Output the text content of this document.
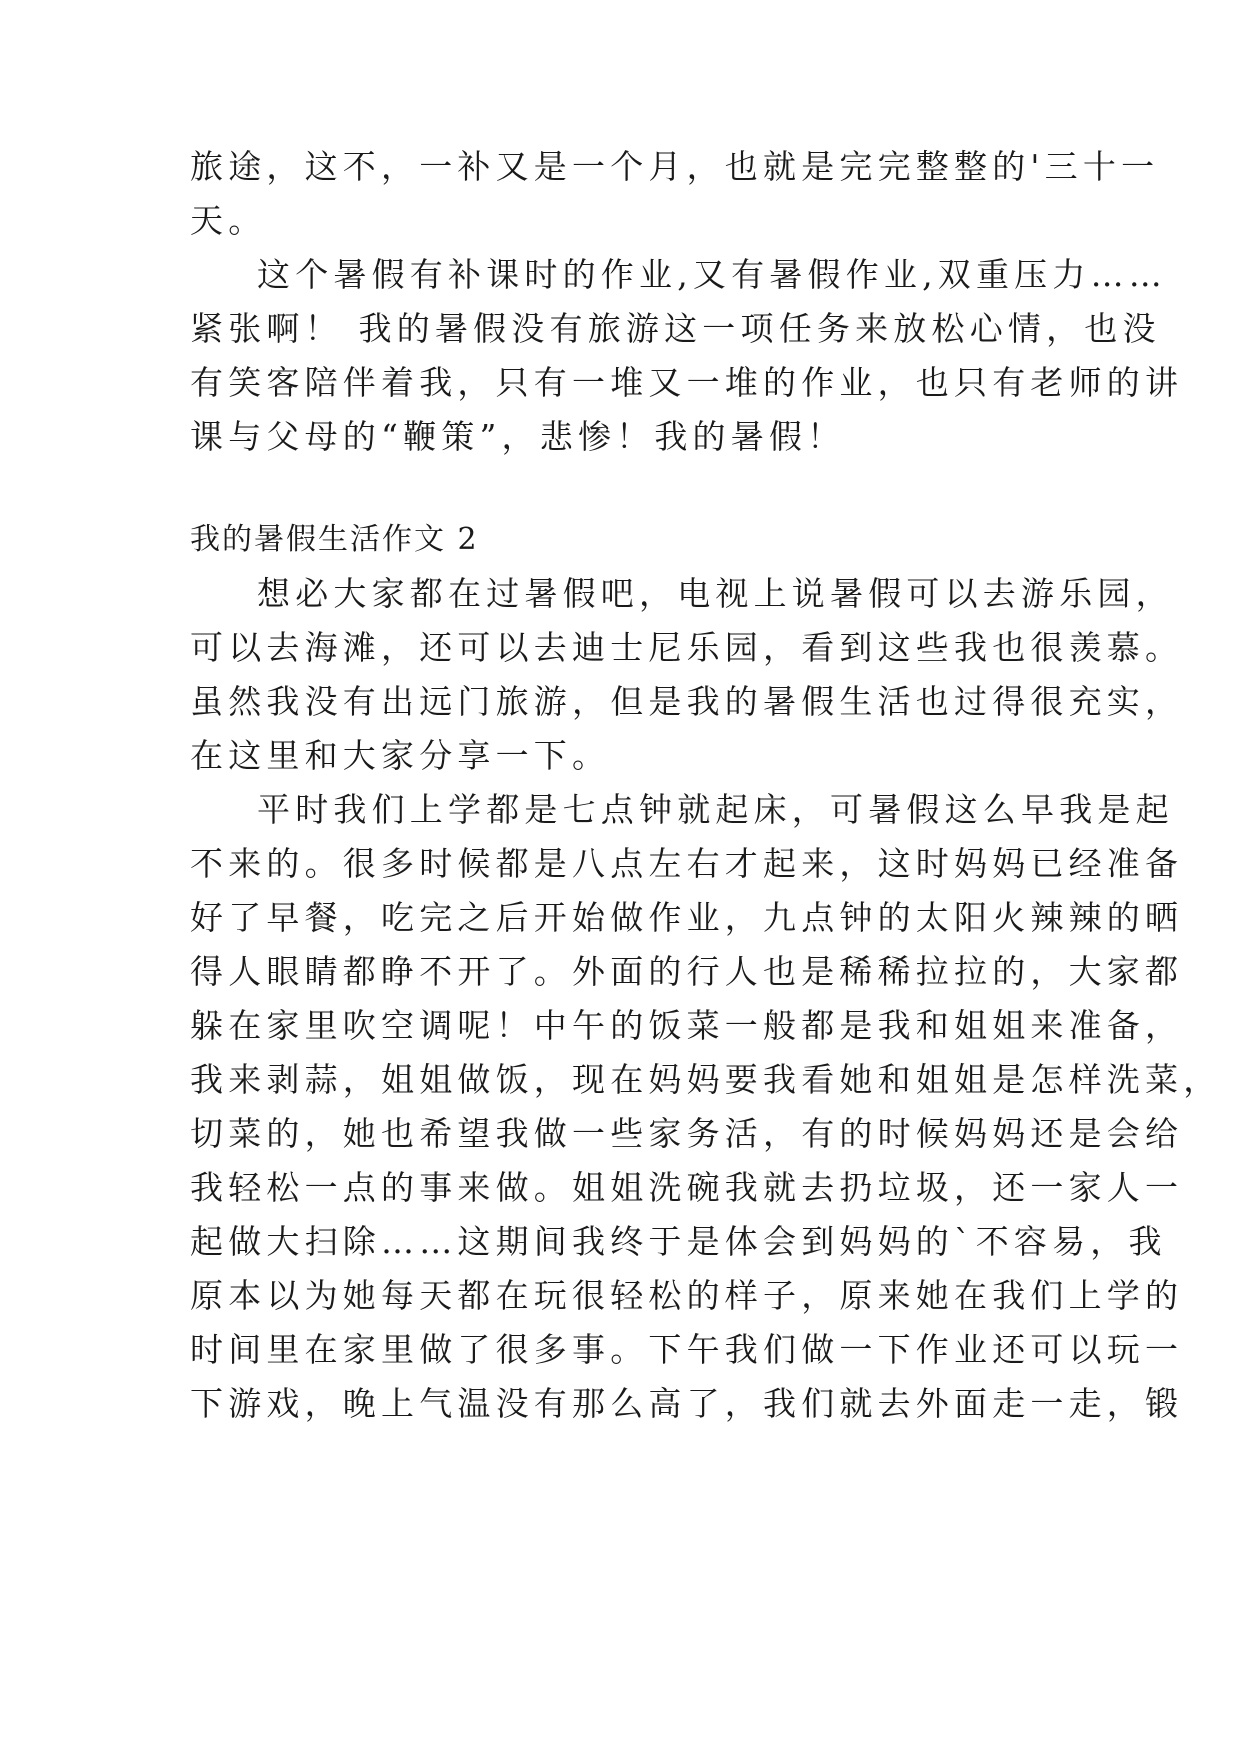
旅途，这不，一补又是一个月，也就是完完整整的'三十一
天。
这个暑假有补课时的作业,又有暑假作业,双重压力……
紧张啊！ 我的暑假没有旅游这一项任务来放松心情，也没
有笑客陪伴着我，只有一堆又一堆的作业，也只有老师的讲
课与父母的“鞭策”，悲惨！我的暑假！
我的暑假生活作文 2
想必大家都在过暑假吧，电视上说暑假可以去游乐园，
可以去海滩，还可以去迪士尼乐园，看到这些我也很羡慕。
虽然我没有出远门旅游，但是我的暑假生活也过得很充实，
在这里和大家分享一下。
平时我们上学都是七点钟就起床，可暑假这么早我是起
不来的。很多时候都是八点左右才起来，这时妈妈已经准备
好了早餐，吃完之后开始做作业，九点钟的太阳火辣辣的晒
得人眼睛都睁不开了。外面的行人也是稀稀拉拉的，大家都
躲在家里吹空调呢！中午的饭菜一般都是我和姐姐来准备，
我来剥蒜，姐姐做饭，现在妈妈要我看她和姐姐是怎样洗菜，
切菜的，她也希望我做一些家务活，有的时候妈妈还是会给
我轻松一点的事来做。姐姐洗碗我就去扔垃圾，还一家人一
起做大扫除……这期间我终于是体会到妈妈的`不容易，我
原本以为她每天都在玩很轻松的样子，原来她在我们上学的
时间里在家里做了很多事。下午我们做一下作业还可以玩一
下游戏，晚上气温没有那么高了，我们就去外面走一走，锻
